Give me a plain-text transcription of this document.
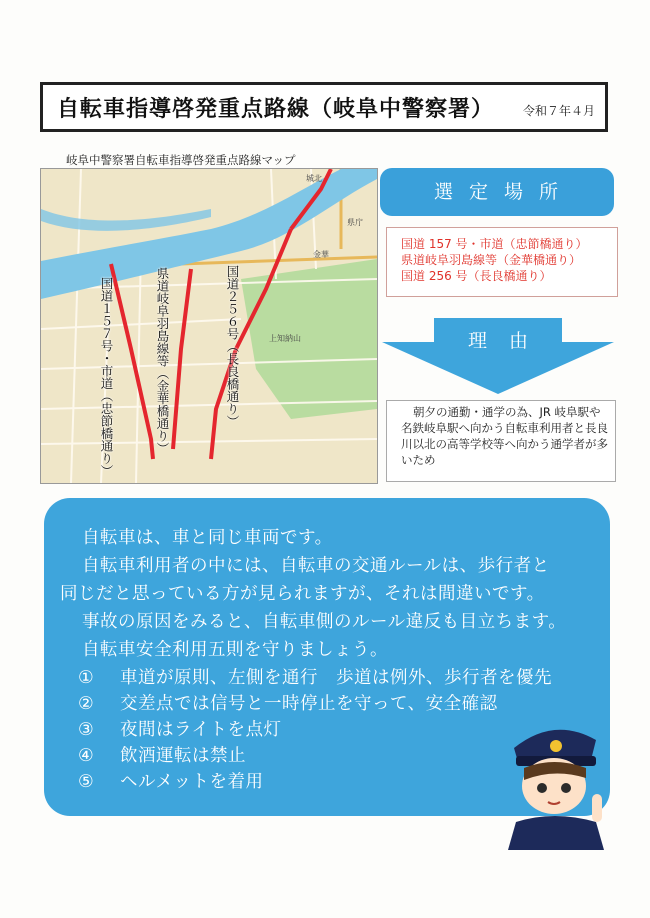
自転車指導啓発重点路線（岐阜中警察署） 令和７年４月
岐阜中警察署自転車指導啓発重点路線マップ
城北
上知納山
金華
県庁
国道１５７号・市道（忠節橋通り）	県道岐阜羽島線等（金華橋通り）	国道２５６号（長良橋通り）
選定場所
国道 157 号・市道（忠節橋通り）
県道岐阜羽島線等（金華橋通り）
国道 256 号（長良橋通り）
理由
朝夕の通勤・通学の為、JR 岐阜駅や名鉄岐阜駅へ向かう自転車利用者と長良川以北の高等学校等へ向かう通学者が多いため

自転車は、車と同じ車両です。

自転車利用者の中には、自転車の交通ルールは、歩行者と

同じだと思っている方が見られますが、それは間違いです。

事故の原因をみると、自転車側のルール違反も目立ちます。

自転車安全利用五則を守りましょう。

① 車道が原則、左側を通行　歩道は例外、歩行者を優先

② 交差点では信号と一時停止を守って、安全確認

③ 夜間はライトを点灯

④ 飲酒運転は禁止

⑤ ヘルメットを着用
